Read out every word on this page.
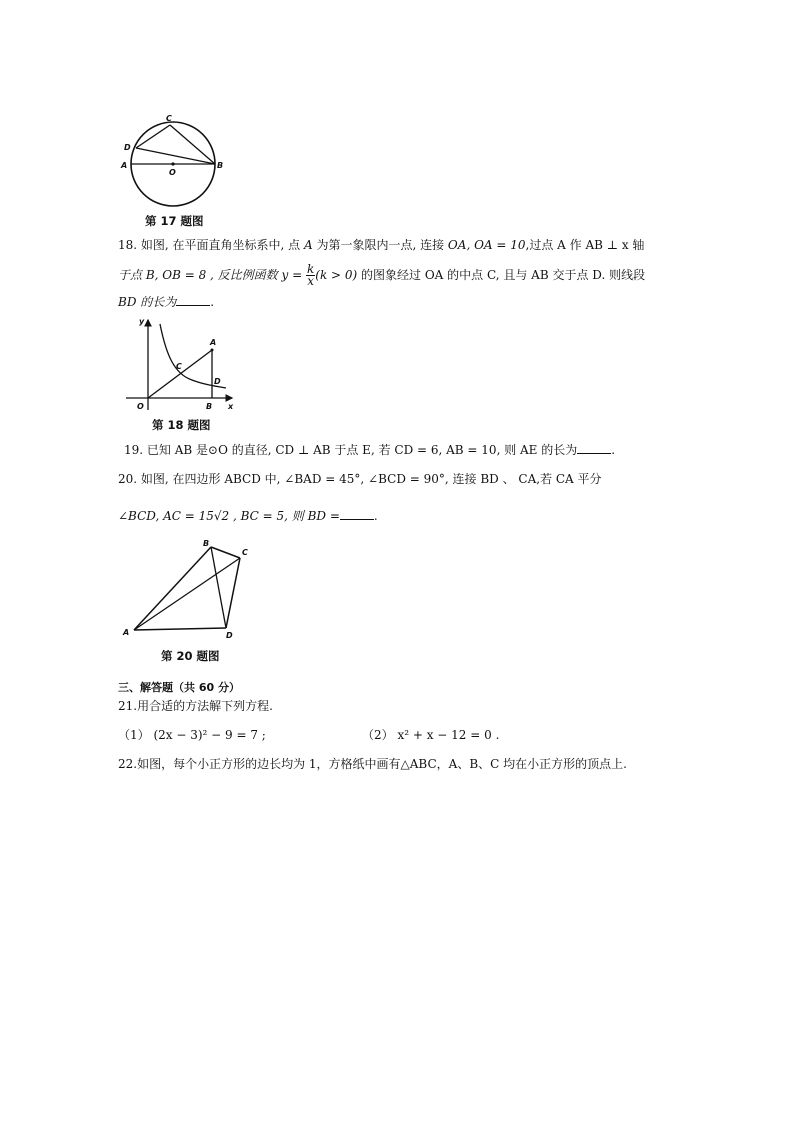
C
D
A
O
B
第 17 题图
18. 如图, 在平面直角坐标系中, 点 A 为第一象限内一点, 连接 OA, OA = 10,过点 A 作 AB ⊥ x 轴
于点 B, OB = 8 , 反比例函数 $y = \frac{k}{x} (k > 0)$ 的图象经过 OA 的中点 C, 且与 AB 交于点 D. 则线段
BD 的长为	.
y
A
C
D
O	B x
第 18 题图
19. 已知 AB 是⊙O 的直径, CD ⊥ AB 于点 E, 若 CD = 6, AB = 10, 则 AE 的长为	.
20. 如图, 在四边形 ABCD 中, ∠BAD = 45°, ∠BCD = 90°, 连接 BD 、 CA,若 CA 平分
∠BCD, AC = 15√2 , BC = 5, 则 BD =	.
B
C
A	D
第 20 题图
三、解答题（共 60 分）
21.用合适的方法解下列方程.
（1） (2x − 3)² − 9 = 7 ;	（2） x² + x − 12 = 0 .
22.如图，每个小正方形的边长均为 1，方格纸中画有△ABC，A、B、C 均在小正方形的顶点上.
